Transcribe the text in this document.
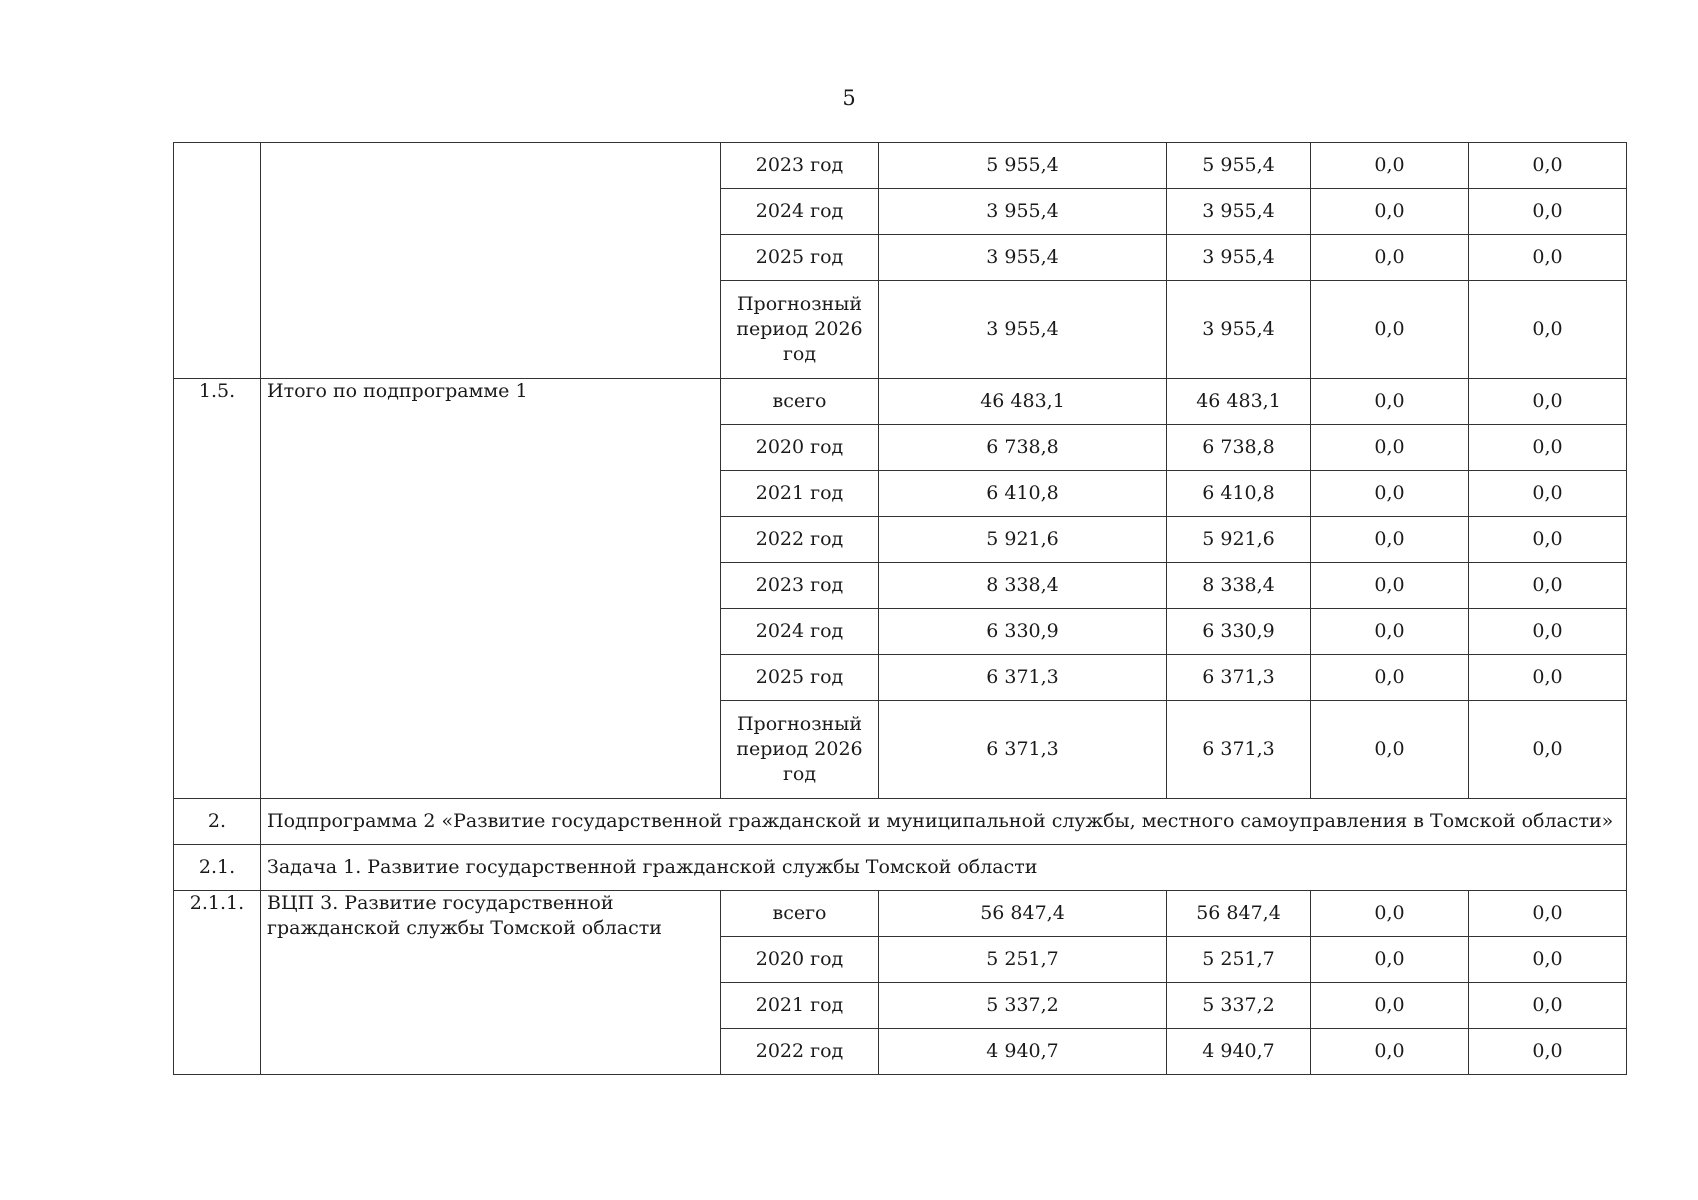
5
		2023 год	5 955,4	5 955,4	0,0	0,0
		2024 год	3 955,4	3 955,4	0,0	0,0
		2025 год	3 955,4	3 955,4	0,0	0,0
		Прогнозный период 2026 год	3 955,4	3 955,4	0,0	0,0
1.5.	Итого по подпрограмме 1	всего	46 483,1	46 483,1	0,0	0,0
		2020 год	6 738,8	6 738,8	0,0	0,0
		2021 год	6 410,8	6 410,8	0,0	0,0
		2022 год	5 921,6	5 921,6	0,0	0,0
		2023 год	8 338,4	8 338,4	0,0	0,0
		2024 год	6 330,9	6 330,9	0,0	0,0
		2025 год	6 371,3	6 371,3	0,0	0,0
		Прогнозный период 2026 год	6 371,3	6 371,3	0,0	0,0
2.	Подпрограмма 2 «Развитие государственной гражданской и муниципальной службы, местного самоуправления в Томской области»					
2.1.	Задача 1. Развитие государственной гражданской службы Томской области					
2.1.1.	ВЦП 3. Развитие государственной гражданской службы Томской области	всего	56 847,4	56 847,4	0,0	0,0
		2020 год	5 251,7	5 251,7	0,0	0,0
		2021 год	5 337,2	5 337,2	0,0	0,0
		2022 год	4 940,7	4 940,7	0,0	0,0
